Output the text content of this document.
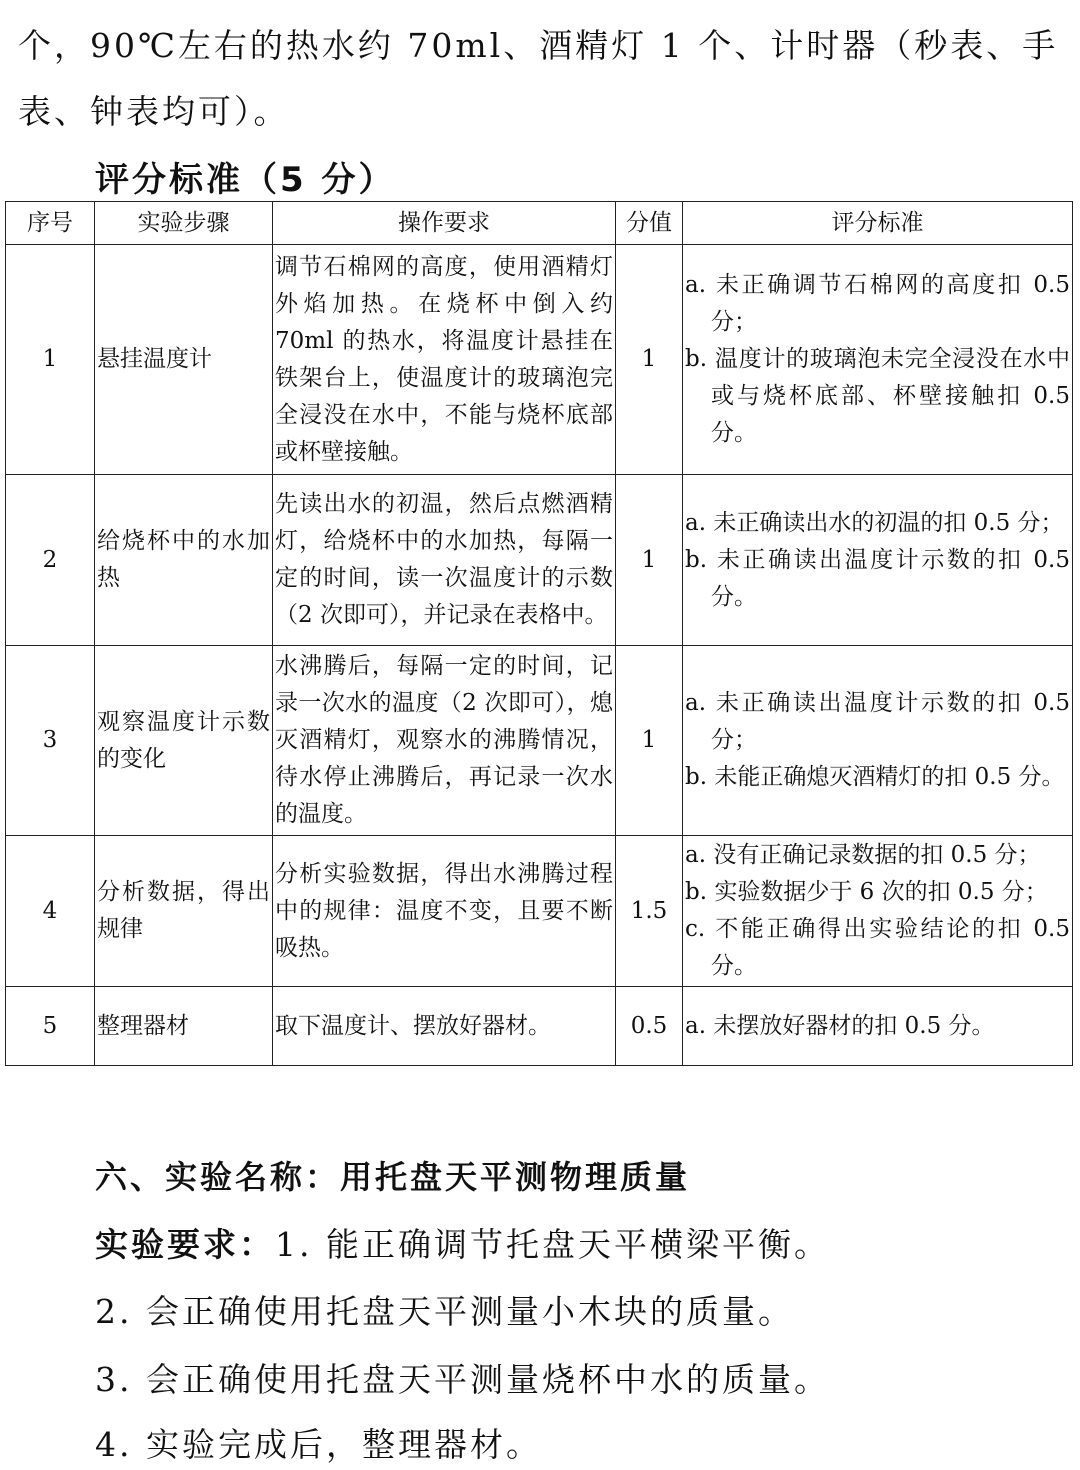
个，90℃左右的热水约 70ml、酒精灯 1 个、计时器（秒表、手
表、钟表均可）。
评分标准（5 分）
序号	实验步骤	操作要求	分值	评分标准
1	悬挂温度计	调节石棉网的高度，使用酒精灯外焰加热。在烧杯中倒入约 70ml 的热水，将温度计悬挂在铁架台上，使温度计的玻璃泡完全浸没在水中，不能与烧杯底部或杯壁接触。	1	a. 未正确调节石棉网的高度扣 0.5 分；
b. 温度计的玻璃泡未完全浸没在水中或与烧杯底部、杯壁接触扣 0.5 分。

2	给烧杯中的水加热	先读出水的初温，然后点燃酒精灯，给烧杯中的水加热，每隔一定的时间，读一次温度计的示数（2 次即可），并记录在表格中。	1	a. 未正确读出水的初温的扣 0.5 分；
b. 未正确读出温度计示数的扣 0.5 分。

3	观察温度计示数的变化	水沸腾后，每隔一定的时间，记录一次水的温度（2 次即可），熄灭酒精灯，观察水的沸腾情况，待水停止沸腾后，再记录一次水的温度。	1	a. 未正确读出温度计示数的扣 0.5 分；
b. 未能正确熄灭酒精灯的扣 0.5 分。

4	分析数据，得出规律	分析实验数据，得出水沸腾过程中的规律：温度不变，且要不断吸热。	1.5	a. 没有正确记录数据的扣 0.5 分；
b. 实验数据少于 6 次的扣 0.5 分；
c. 不能正确得出实验结论的扣 0.5 分。

5	整理器材	取下温度计、摆放好器材。	0.5	a. 未摆放好器材的扣 0.5 分。
六、实验名称：用托盘天平测物理质量
实验要求：1. 能正确调节托盘天平横梁平衡。
2. 会正确使用托盘天平测量小木块的质量。
3. 会正确使用托盘天平测量烧杯中水的质量。
4. 实验完成后，整理器材。
